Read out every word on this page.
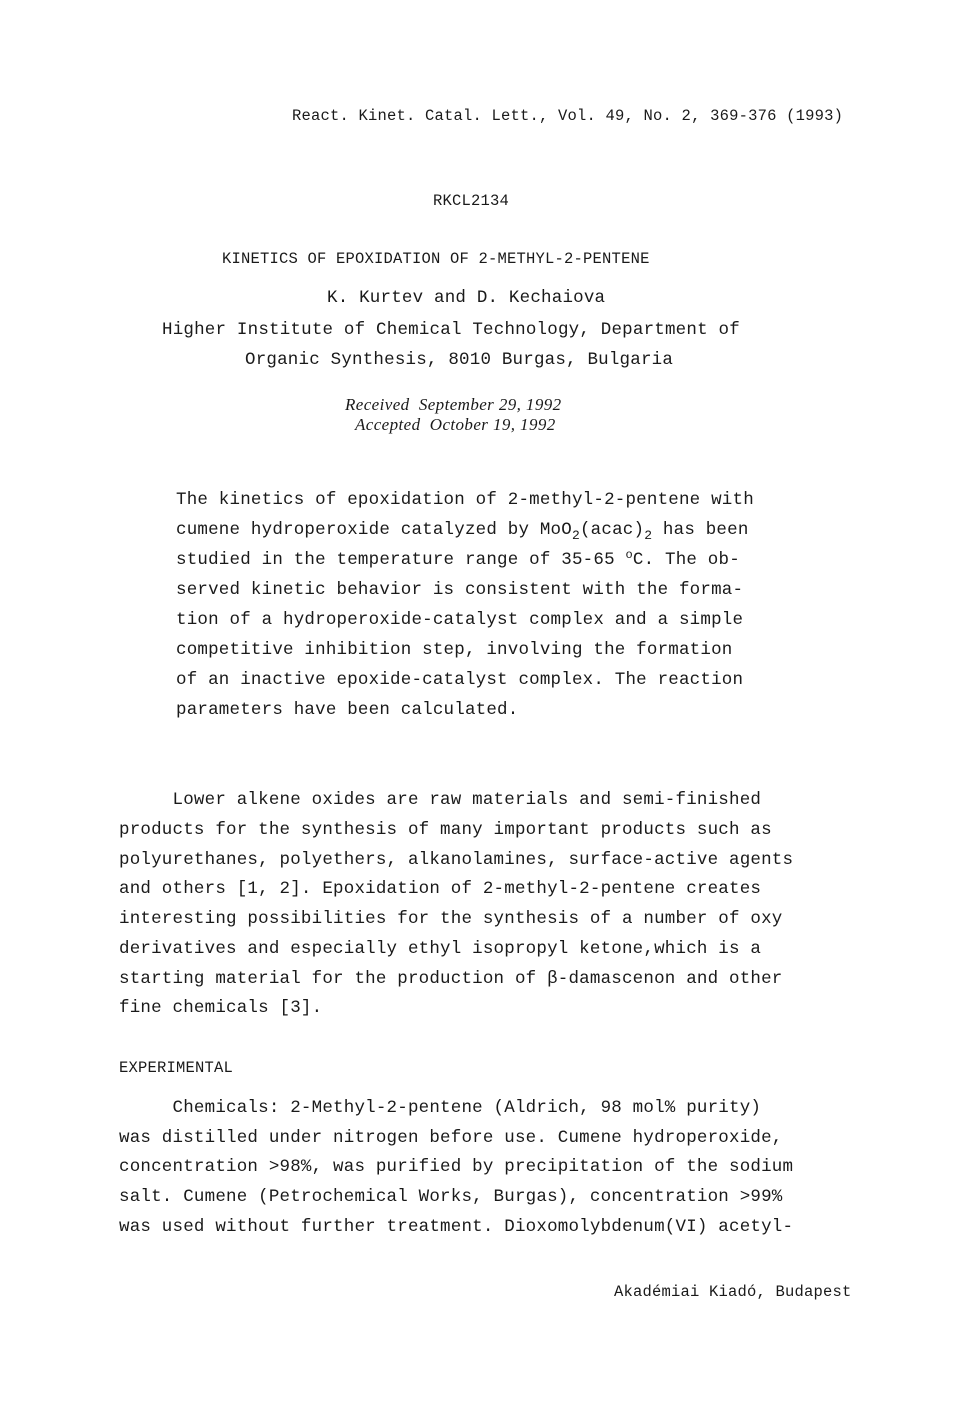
React. Kinet. Catal. Lett., Vol. 49, No. 2, 369-376 (1993)
RKCL2134
KINETICS OF EPOXIDATION OF 2-METHYL-2-PENTENE
K. Kurtev and D. Kechaiova
Higher Institute of Chemical Technology, Department of
Organic Synthesis, 8010 Burgas, Bulgaria
Received  September 29, 1992
Accepted  October 19, 1992
The kinetics of epoxidation of 2-methyl-2-pentene with
cumene hydroperoxide catalyzed by $MoO_2(acac)_2$ has been
studied in the temperature range of 35-65 $^o$C. The ob-
served kinetic behavior is consistent with the forma-
tion of a hydroperoxide-catalyst complex and a simple
competitive inhibition step, involving the formation
of an inactive epoxide-catalyst complex. The reaction
parameters have been calculated.
Lower alkene oxides are raw materials and semi-finished
products for the synthesis of many important products such as
polyurethanes, polyethers, alkanolamines, surface-active agents
and others [1, 2]. Epoxidation of 2-methyl-2-pentene creates
interesting possibilities for the synthesis of a number of oxy
derivatives and especially ethyl isopropyl ketone,which is a
starting material for the production of β-damascenon and other
fine chemicals [3].
EXPERIMENTAL
Chemicals: 2-Methyl-2-pentene (Aldrich, 98 mol% purity)
was distilled under nitrogen before use. Cumene hydroperoxide,
concentration >98%, was purified by precipitation of the sodium
salt. Cumene (Petrochemical Works, Burgas), concentration >99%
was used without further treatment. Dioxomolybdenum(VI) acetyl-
Akadémiai Kiadó, Budapest
